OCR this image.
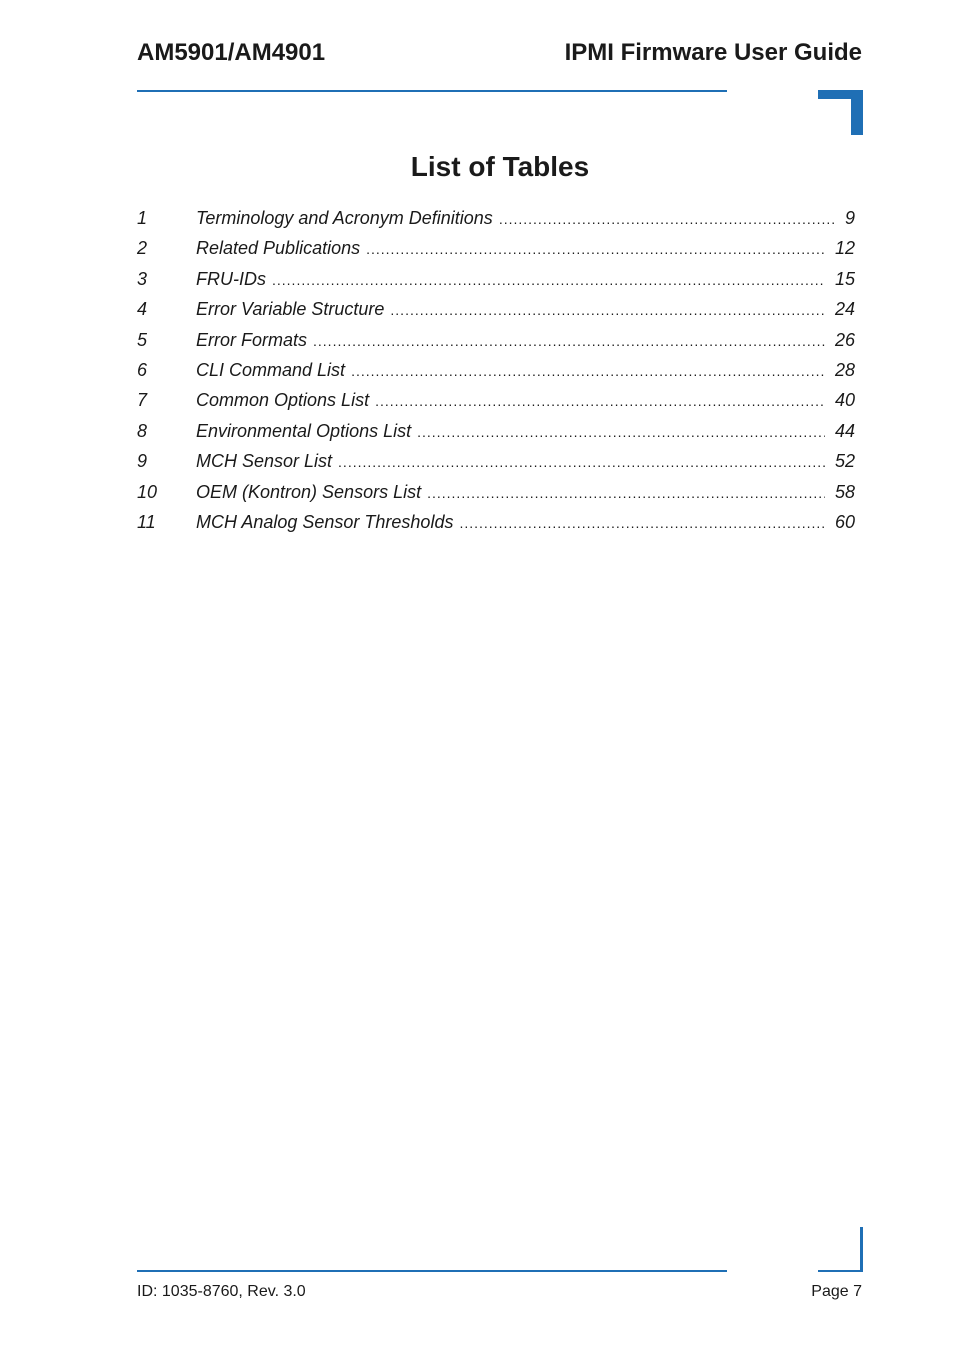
AM5901/AM4901	IPMI Firmware User Guide
List of Tables
1	Terminology and Acronym Definitions .....	9
2	Related Publications .....	12
3	FRU-IDs .....	15
4	Error Variable Structure .....	24
5	Error Formats .....	26
6	CLI Command List .....	28
7	Common Options List .....	40
8	Environmental Options List .....	44
9	MCH Sensor List .....	52
10	OEM (Kontron) Sensors List .....	58
11	MCH Analog Sensor Thresholds .....	60
ID: 1035-8760, Rev. 3.0	Page 7
